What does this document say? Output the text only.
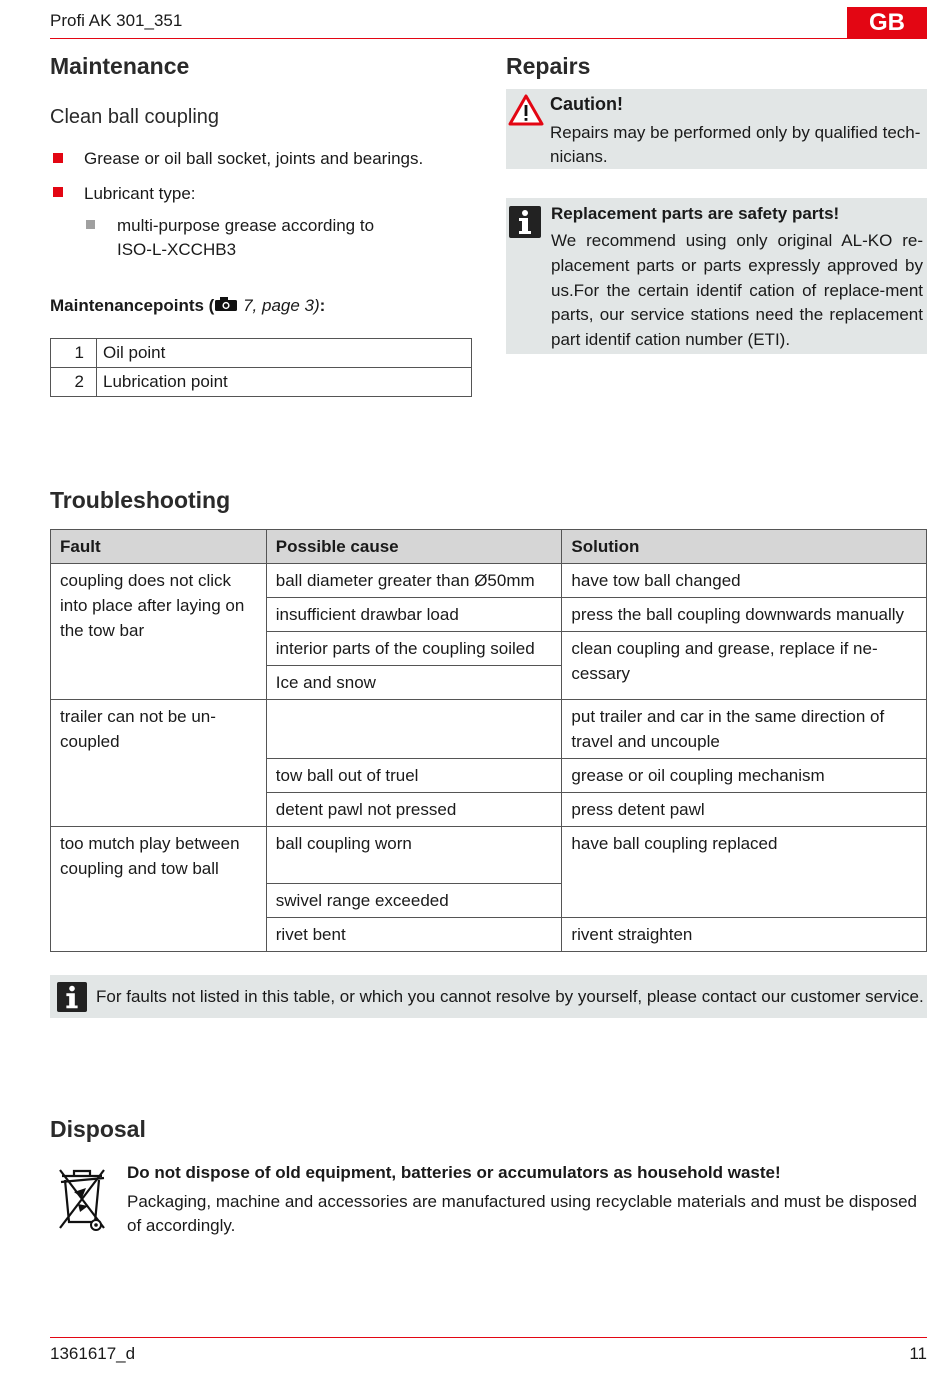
Profi AK 301_351	GB
Maintenance
Clean ball coupling
Grease or oil ball socket, joints and bearings.
Lubricant type:
multi-purpose grease according to
ISO-L-XCCHB3
Maintenancepoints ( 7, page 3):
1	Oil point
2	Lubrication point
Repairs
Caution!
Repairs may be performed only by qualified tech-
nicians.
Replacement parts are safety parts!
We recommend using only original AL-KO re-
placement parts or parts expressly approved by
us.For the certain identif cation of replace-ment
parts, our service stations need the replacement
part identif cation number (ETI).
Troubleshooting
Fault	Possible cause	Solution
coupling does not click into place after laying on the tow bar	ball diameter greater than Ø50mm	have tow ball changed
	insufficient drawbar load	press the ball coupling downwards manually
	interior parts of the coupling soiled	clean coupling and grease, replace if ne-cessary
	Ice and snow	
trailer can not be un-coupled		put trailer and car in the same direction of travel and uncouple
	tow ball out of truel	grease or oil coupling mechanism
	detent pawl not pressed	press detent pawl
too mutch play between coupling and tow ball	ball coupling worn	have ball coupling replaced
	swivel range exceeded	
	rivet bent	rivent straighten
For faults not listed in this table, or which you cannot resolve by yourself, please contact our customer service.
Disposal
Do not dispose of old equipment, batteries or accumulators as household waste!
Packaging, machine and accessories are manufactured using recyclable materials and must be disposed
of accordingly.
1361617_d	11
